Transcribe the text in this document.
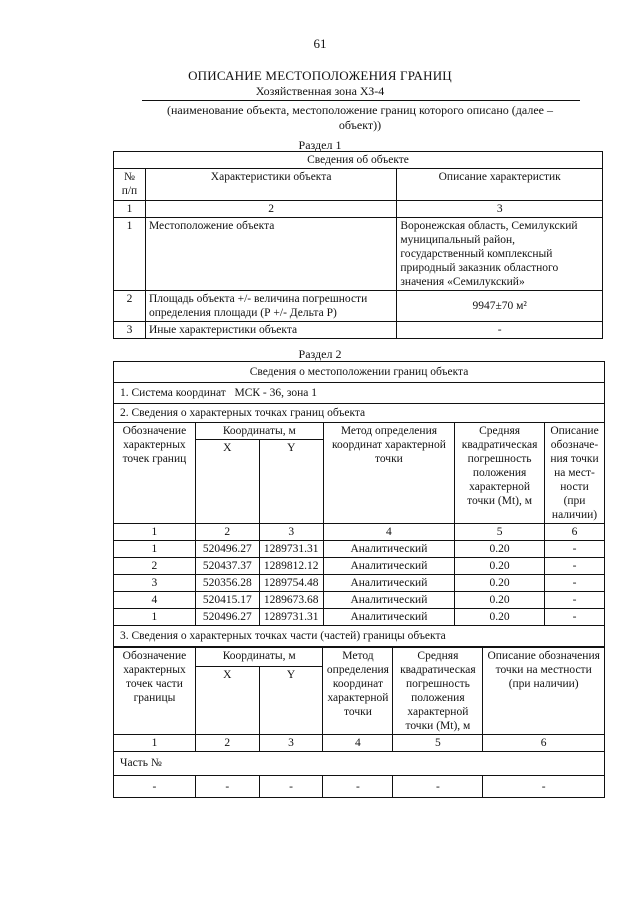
61
ОПИСАНИЕ МЕСТОПОЛОЖЕНИЯ ГРАНИЦ
Хозяйственная зона ХЗ-4
(наименование объекта, местоположение границ которого описано (далее –
объект))
Раздел 1
Сведения об объекте		
№
п/п	Характеристики объекта	Описание характеристик
1	2	3
1	Местоположение объекта	Воронежская область, Семилукский муниципальный район, государственный комплексный природный заказник областного значения «Семилукский»
2	Площадь объекта +/- величина погрешности определения площади (Р +/- Дельта Р)	9947±70 м²
3	Иные характеристики объекта	-
Раздел 2
Сведения о местоположении границ объекта					
1. Система координат МСК - 36, зона 1					
2. Сведения о характерных точках границ объекта					
Обозначение характерных точек границ	Координаты, м		Метод определения координат характерной точки	Средняя квадратическая погрешность положения характерной точки (Mt), м	Описание обозначе-ния точки на мест-ности (при наличии)
	X	Y			
1	2	3	4	5	6
1	520496.27	1289731.31	Аналитический	0.20	-
2	520437.37	1289812.12	Аналитический	0.20	-
3	520356.28	1289754.48	Аналитический	0.20	-
4	520415.17	1289673.68	Аналитический	0.20	-
1	520496.27	1289731.31	Аналитический	0.20	-
3. Сведения о характерных точках части (частей) границы объекта					
Обозначение характерных точек части границы	Координаты, м		Метод определения координат характерной точки	Средняя квадратическая погрешность положения характерной точки (Mt), м	Описание обозначения точки на местности (при наличии)
	X	Y			
1	2	3	4	5	6
Часть №					
-	-	-	-	-	-
